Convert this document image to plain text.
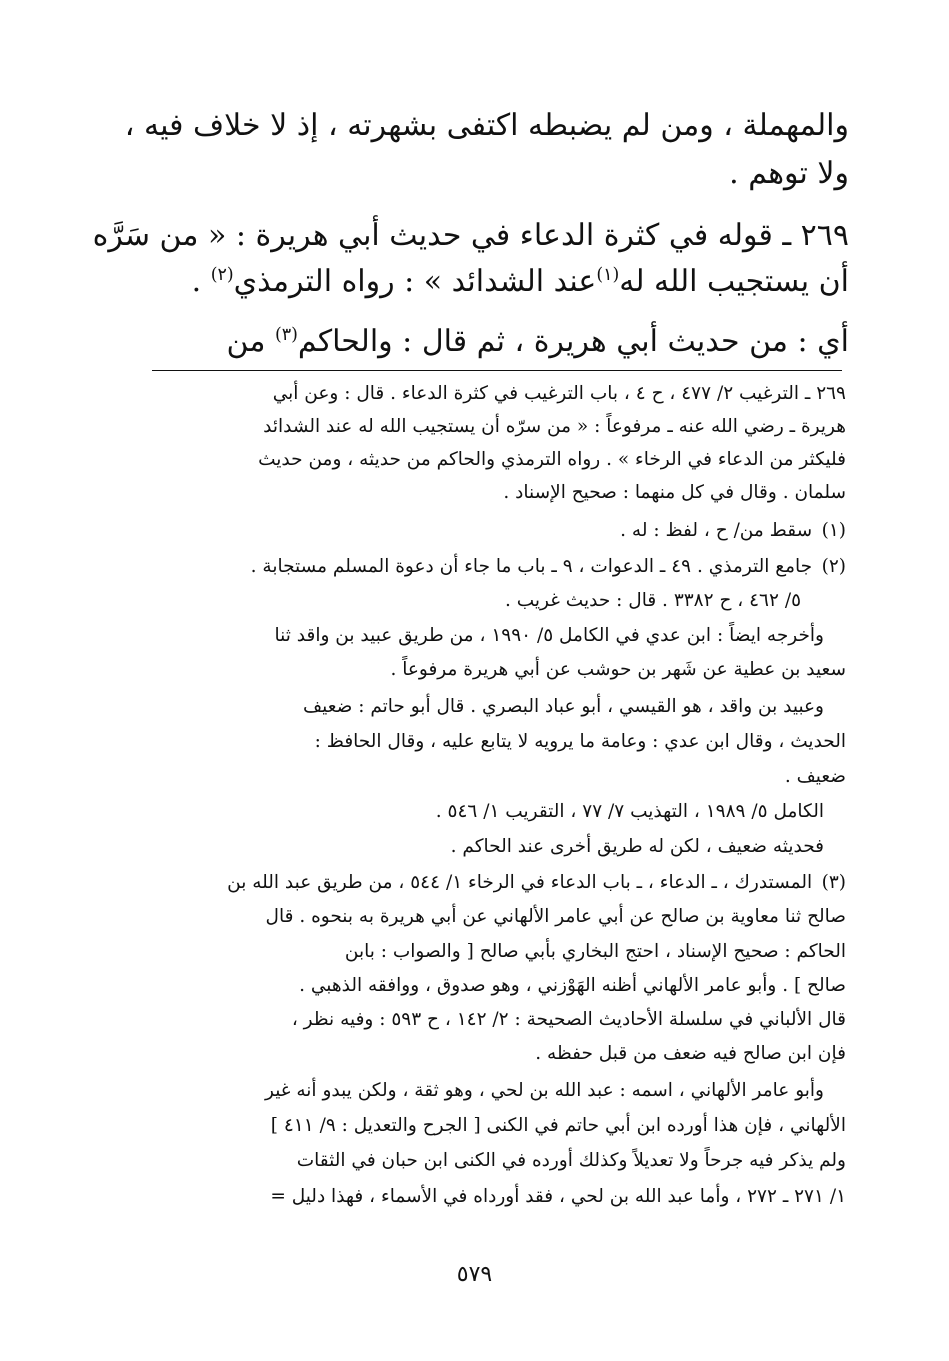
والمهملة ، ومن لم يضبطه اكتفى بشهرته ، إذ لا خلاف فيه ،
ولا توهم .
٢٦٩ ـ قوله في كثرة الدعاء في حديث أبي هريرة : « من سَرَّه
أن يستجيب الله له$^{(١)}$عند الشدائد » : رواه الترمذي$^{(٢)}$ .
أي : من حديث أبي هريرة ، ثم قال : والحاكم$^{(٣)}$ من
٢٦٩ ـ الترغيب ٢/ ٤٧٧ ، ح ٤ ، باب الترغيب في كثرة الدعاء . قال : وعن أبي
هريرة ـ رضي الله عنه ـ مرفوعاً : « من سرّه أن يستجيب الله له عند الشدائد
فليكثر من الدعاء في الرخاء » . رواه الترمذي والحاكم من حديثه ، ومن حديث
سلمان . وقال في كل منهما : صحيح الإسناد .
(١) سقط من/ ح ، لفظ : له .
(٢) جامع الترمذي . ٤٩ ـ الدعوات ، ٩ ـ باب ما جاء أن دعوة المسلم مستجابة .
٥/ ٤٦٢ ، ح ٣٣٨٢ . قال : حديث غريب .
وأخرجه ايضاً : ابن عدي في الكامل ٥/ ١٩٩٠ ، من طريق عبيد بن واقد ثنا
سعيد بن عطية عن شَهر بن حوشب عن أبي هريرة مرفوعاً .
وعبيد بن واقد ، هو القيسي ، أبو عباد البصري . قال أبو حاتم : ضعيف
الحديث ، وقال ابن عدي : وعامة ما يرويه لا يتابع عليه ، وقال الحافظ :
ضعيف .
الكامل ٥/ ١٩٨٩ ، التهذيب ٧/ ٧٧ ، التقريب ١/ ٥٤٦ .
فحديثه ضعيف ، لكن له طريق أخرى عند الحاكم .
(٣) المستدرك ، ـ الدعاء ، ـ باب الدعاء في الرخاء ١/ ٥٤٤ ، من طريق عبد الله بن
صالح ثنا معاوية بن صالح عن أبي عامر الألهاني عن أبي هريرة به بنحوه . قال
الحاكم : صحيح الإسناد ، احتج البخاري بأبي صالح [ والصواب : بابن
صالح ] . وأبو عامر الألهاني أظنه الهَوْزني ، وهو صدوق ، ووافقه الذهبي .
قال الألباني في سلسلة الأحاديث الصحيحة : ٢/ ١٤٢ ، ح ٥٩٣ : وفيه نظر ،
فإن ابن صالح فيه ضعف من قبل حفظه .
وأبو عامر الألهاني ، اسمه : عبد الله بن لحي ، وهو ثقة ، ولكن يبدو أنه غير
الألهاني ، فإن هذا أورده ابن أبي حاتم في الكنى [ الجرح والتعديل : ٩/ ٤١١ ]
ولم يذكر فيه جرحاً ولا تعديلاً وكذلك أورده في الكنى ابن حبان في الثقات
١/ ٢٧١ ـ ٢٧٢ ، وأما عبد الله بن لحي ، فقد أورداه في الأسماء ، فهذا دليل =
٥٧٩
